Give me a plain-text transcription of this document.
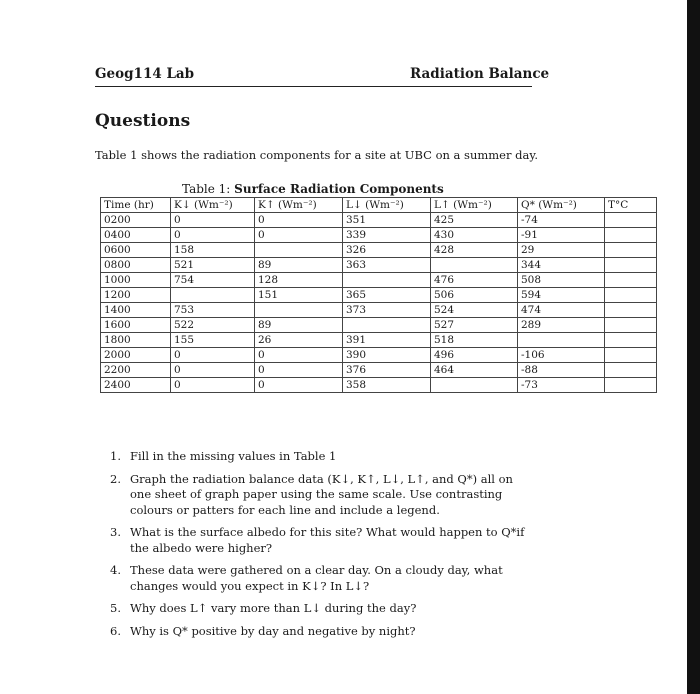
Geog114 Lab	Radiation Balance
Questions
Table 1 shows the radiation components for a site at UBC on a summer day.
Table 1: Surface Radiation Components
Time (hr)	K↓ (Wm⁻²)	K↑ (Wm⁻²)	L↓ (Wm⁻²)	L↑ (Wm⁻²)	Q* (Wm⁻²)	T°C
0200	0	0	351	425	-74	
0400	0	0	339	430	-91	
0600	158		326	428	29	
0800	521	89	363		344	
1000	754	128		476	508	
1200		151	365	506	594	
1400	753		373	524	474	
1600	522	89		527	289	
1800	155	26	391	518		
2000	0	0	390	496	-106	
2200	0	0	376	464	-88	
2400	0	0	358		-73	
1. Fill in the missing values in Table 1
2. Graph the radiation balance data (K↓, K↑, L↓, L↑, and Q*) all on one sheet of graph paper using the same scale. Use contrasting colours or patters for each line and include a legend.
3. What is the surface albedo for this site? What would happen to Q*if the albedo were higher?
4. These data were gathered on a clear day. On a cloudy day, what changes would you expect in K↓? In L↓?
5. Why does L↑ vary more than L↓ during the day?
6. Why is Q* positive by day and negative by night?
